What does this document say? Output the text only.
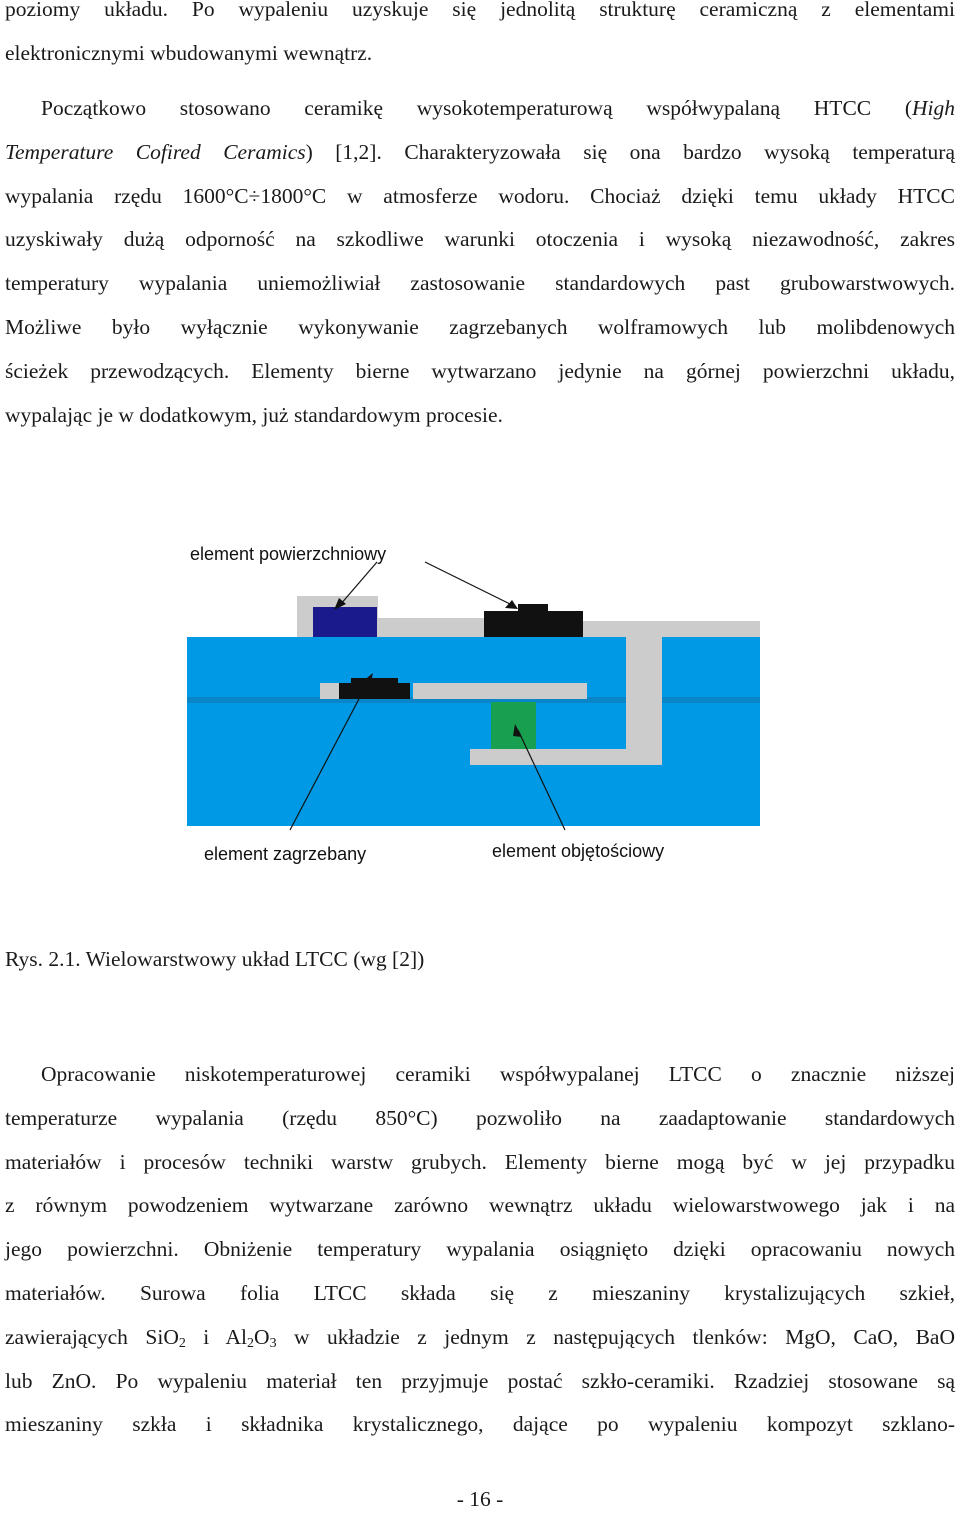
poziomy układu. Po wypaleniu uzyskuje się jednolitą strukturę ceramiczną z elementami
elektronicznymi wbudowanymi wewnątrz.
Początkowo stosowano ceramikę wysokotemperaturową współwypalaną HTCC (High
Temperature Cofired Ceramics) [1,2]. Charakteryzowała się ona bardzo wysoką temperaturą
wypalania rzędu 1600°C÷1800°C w atmosferze wodoru. Chociaż dzięki temu układy HTCC
uzyskiwały dużą odporność na szkodliwe warunki otoczenia i wysoką niezawodność, zakres
temperatury wypalania uniemożliwiał zastosowanie standardowych past grubowarstwowych.
Możliwe było wyłącznie wykonywanie zagrzebanych wolframowych lub molibdenowych
ścieżek przewodzących. Elementy bierne wytwarzano jedynie na górnej powierzchni układu,
wypalając je w dodatkowym, już standardowym procesie.
element powierzchniowy
element zagrzebany	element objętościowy

Rys. 2.1. Wielowarstwowy układ LTCC (wg [2])

Opracowanie niskotemperaturowej ceramiki współwypalanej LTCC o znacznie niższej
temperaturze wypalania (rzędu 850°C) pozwoliło na zaadaptowanie standardowych
materiałów i procesów techniki warstw grubych. Elementy bierne mogą być w jej przypadku
z równym powodzeniem wytwarzane zarówno wewnątrz układu wielowarstwowego jak i na
jego powierzchni. Obniżenie temperatury wypalania osiągnięto dzięki opracowaniu nowych
materiałów. Surowa folia LTCC składa się z mieszaniny krystalizujących szkieł,
zawierających SiO$_2$ i $Al_2O_3$ w układzie z jednym z następujących tlenków: MgO, CaO, BaO
lub ZnO. Po wypaleniu materiał ten przyjmuje postać szkło-ceramiki. Rzadziej stosowane są
mieszaniny szkła i składnika krystalicznego, dające po wypaleniu kompozyt szklano-
- 16 -
